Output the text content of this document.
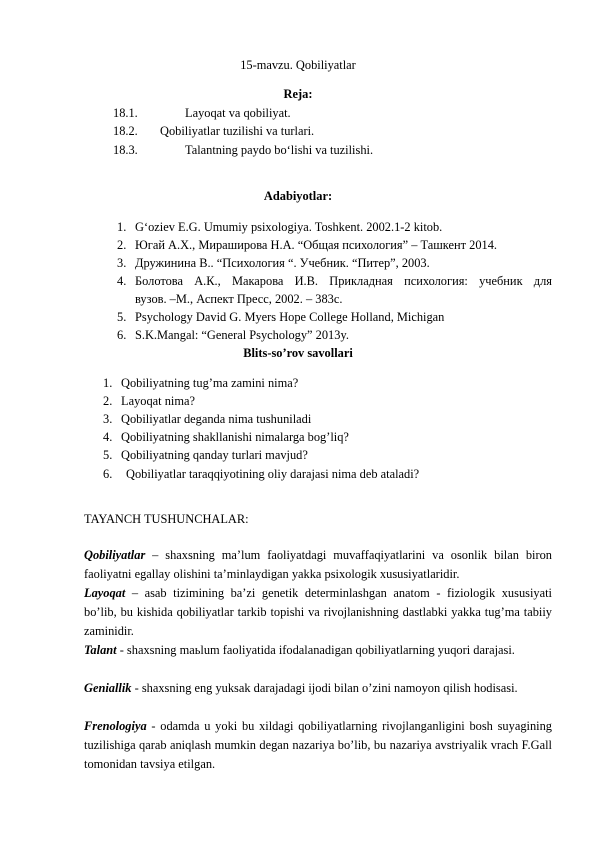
15-mavzu. Qobiliyatlar
Reja:
18.1.	Layoqat va qobiliyat.
18.2. Qobiliyatlar tuzilishi va turlari.
18.3.	Talantning paydo bo‘lishi va tuzilishi.
Adabiyotlar:
1. G‘oziev E.G. Umumiy psixologiya. Toshkent. 2002.1-2 kitob.
2. Югай А.Х., Миpашиpова Н.А. “Общая психология” – Ташкент 2014.
3. Дружинина В.. “Психология “. Учебник. “Питер”, 2003.
4. Болотова А.К., Макарова И.В. Прикладная психология: учебник для
вузов. –М., Аспект Пресс, 2002. – 383с.
5. Psychology David G. Myers Hope College Holland, Michigan
6. S.K.Mangal: “General Psychology” 2013y.
Blits-so’rov savollari
1. Qobiliyatning tug’ma zamini nima?
2. Layoqat nima?
3. Qobiliyatlar deganda nima tushuniladi
4. Qobiliyatning shakllanishi nimalarga bog’liq?
5. Qobiliyatning qanday turlari mavjud?
6. Qobiliyatlar taraqqiyotining oliy darajasi nima deb ataladi?
TAYANCH TUSHUNCHALAR:
Qobiliyatlar – shaxsning ma’lum faoliyatdagi muvaffaqiyatlarini va osonlik bilan biron faoliyatni egallay olishini ta’minlaydigan yakka psixologik xususiyatlaridir.
Layoqat – asab tizimining ba’zi genetik determinlashgan anatom - fiziologik xususiyati bo’lib, bu kishida qobiliyatlar tarkib topishi va rivojlanishning dastlabki yakka tug’ma tabiiy zaminidir.
Talant - shaxsning maьlum faoliyatida ifodalanadigan qobiliyatlarning yuqori darajasi.
Geniallik - shaxsning eng yuksak darajadagi ijodi bilan o’zini namoyon qilish hodisasi.
Frenologiya - odamda u yoki bu xildagi qobiliyatlarning rivojlanganligini bosh suyagining tuzilishiga qarab aniqlash mumkin degan nazariya bo’lib, bu nazariya avstriyalik vrach F.Gall tomonidan tavsiya etilgan.
